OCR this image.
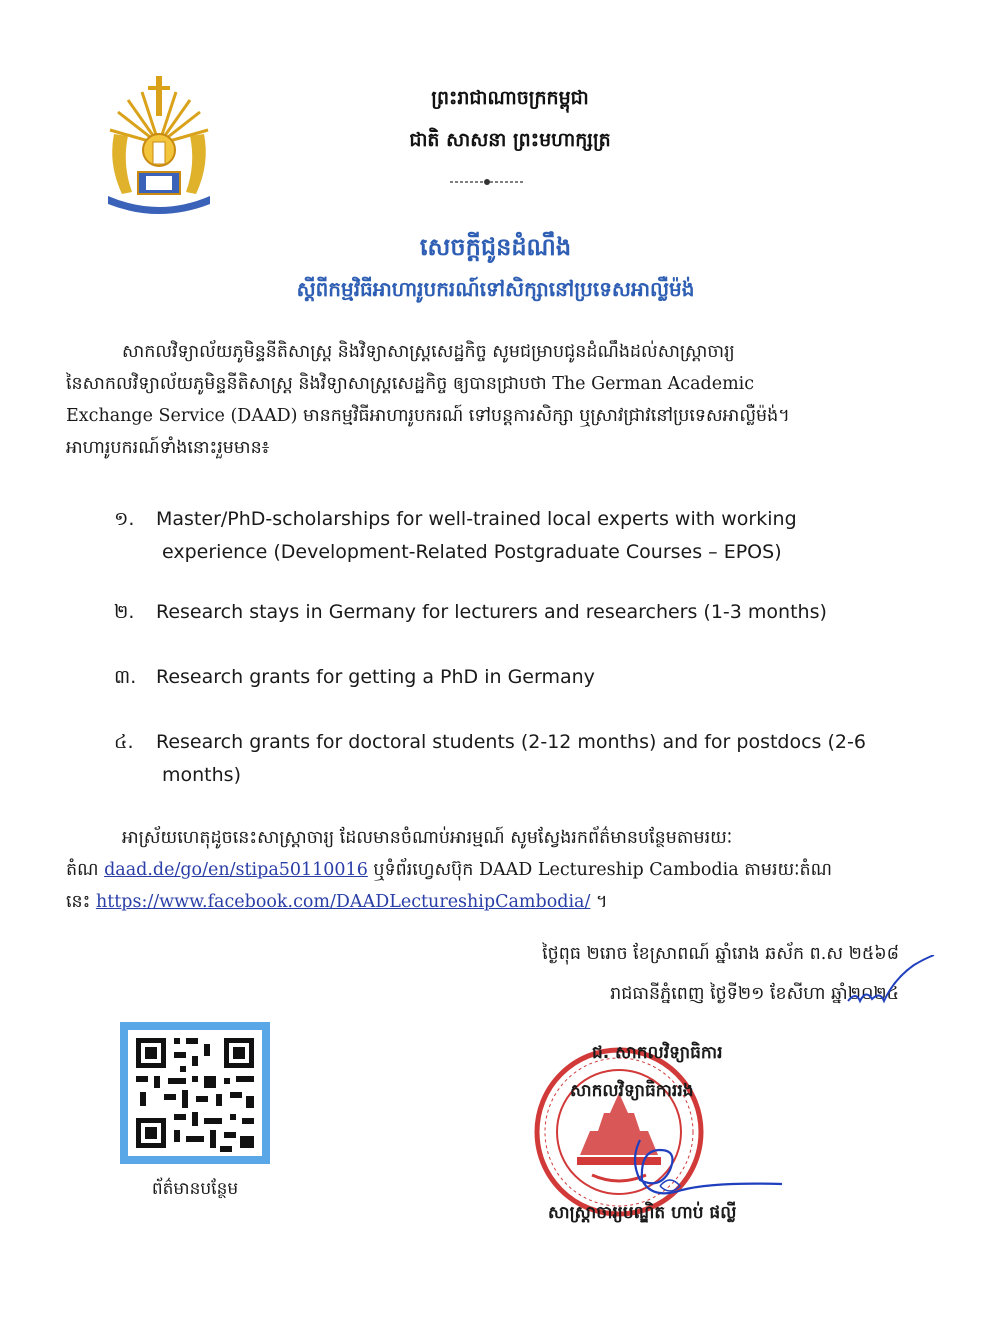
ព្រះរាជាណាចក្រកម្ពុជា
ជាតិ សាសនា ព្រះមហាក្សត្រ
សេចក្តីជូនដំណឹង
ស្តីពីកម្មវិធីអាហារូបករណ៍ទៅសិក្សានៅប្រទេសអាល្លឺម៉ង់
សាកលវិទ្យាល័យភូមិន្ទនីតិសាស្ត្រ និងវិទ្យាសាស្ត្រសេដ្ឋកិច្ច សូមជម្រាបជូនដំណឹងដល់សាស្ត្រាចារ្យ
នៃសាកលវិទ្យាល័យភូមិន្ទនីតិសាស្ត្រ និងវិទ្យាសាស្ត្រសេដ្ឋកិច្ច ឲ្យបានជ្រាបថា The German Academic
Exchange Service (DAAD) មានកម្មវិធីអាហារូបករណ៍ ទៅបន្តការសិក្សា ឬស្រាវជ្រាវនៅប្រទេសអាល្លឺម៉ង់។
អាហារូបករណ៍ទាំងនោះរួមមាន៖
១. Master/PhD-scholarships for well-trained local experts with working
experience (Development-Related Postgraduate Courses – EPOS)
២. Research stays in Germany for lecturers and researchers (1-3 months)
៣. Research grants for getting a PhD in Germany
៤. Research grants for doctoral students (2-12 months) and for postdocs (2-6
months)
អាស្រ័យហេតុដូចនេះសាស្ត្រាចារ្យ ដែលមានចំណាប់អារម្មណ៍ សូមស្វែងរកព័ត៌មានបន្ថែមតាមរយៈ
តំណ daad.de/go/en/stipa50110016 ឬទំព័រហ្វេសប៊ុក DAAD Lectureship Cambodia តាមរយៈតំណ
នេះ https://www.facebook.com/DAADLectureshipCambodia/ ។
ថ្ងៃពុធ ២រោច ខែស្រាពណ៍ ឆ្នាំរោង ឆស័ក ព.ស ២៥៦៨
រាជធានីភ្នំពេញ ថ្ងៃទី២១ ខែសីហា ឆ្នាំ២០២៤
ព័ត៌មានបន្ថែម
ជ. សាកលវិទ្យាធិការ
សាកលវិទ្យាធិការរង
សាស្ត្រាចារ្យបណ្ឌិត ហាប់ ផល្លី
